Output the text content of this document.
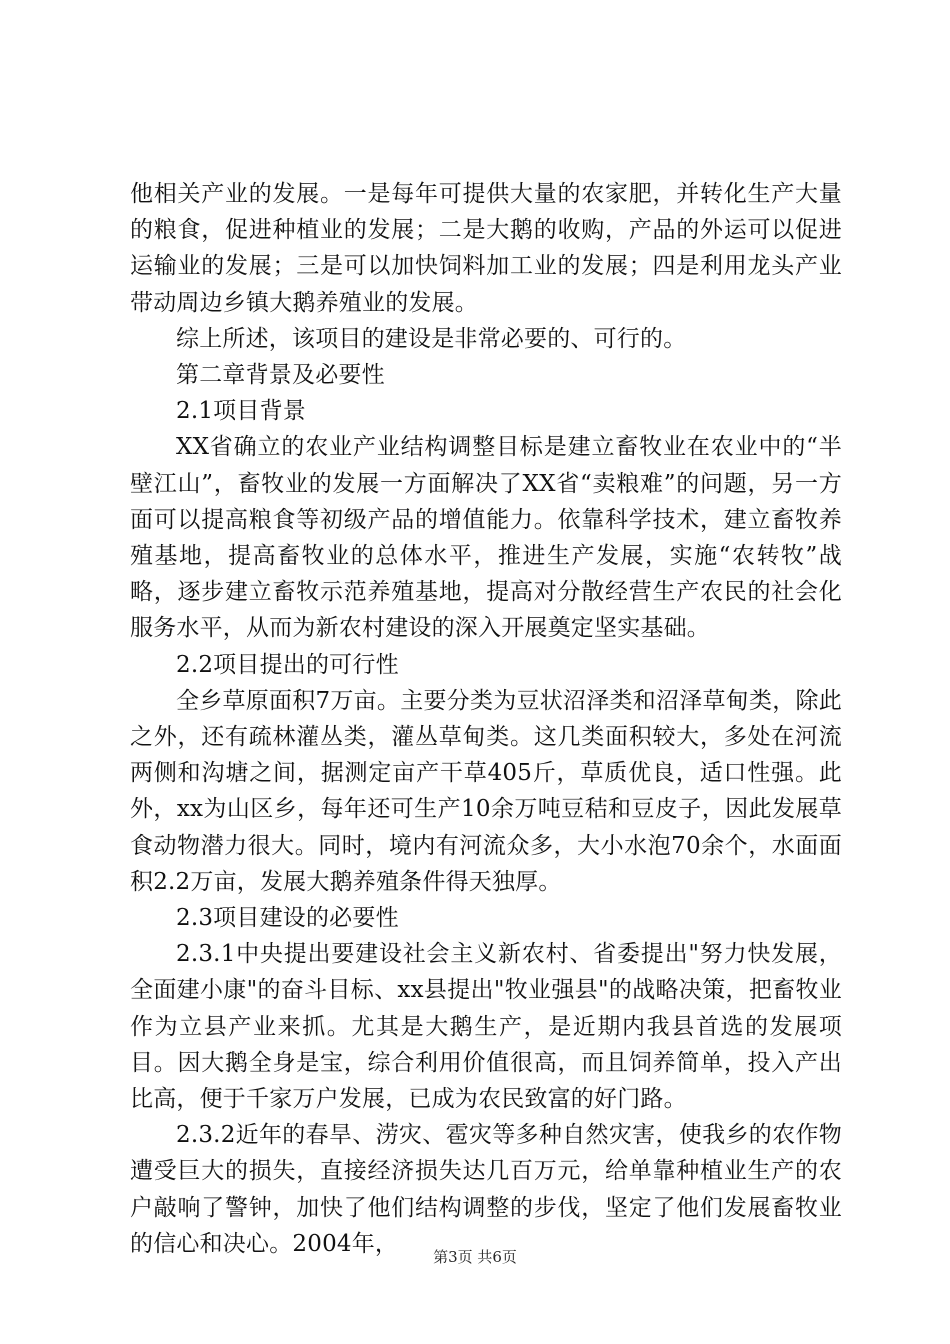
他相关产业的发展。一是每年可提供大量的农家肥，并转化生产大量的粮食，促进种植业的发展；二是大鹅的收购，产品的外运可以促进运输业的发展；三是可以加快饲料加工业的发展；四是利用龙头产业带动周边乡镇大鹅养殖业的发展。

综上所述，该项目的建设是非常必要的、可行的。

第二章背景及必要性

2.1项目背景

XX省确立的农业产业结构调整目标是建立畜牧业在农业中的“半壁江山”，畜牧业的发展一方面解决了XX省“卖粮难”的问题，另一方面可以提高粮食等初级产品的增值能力。依靠科学技术，建立畜牧养殖基地，提高畜牧业的总体水平，推进生产发展，实施“农转牧”战略，逐步建立畜牧示范养殖基地，提高对分散经营生产农民的社会化服务水平，从而为新农村建设的深入开展奠定坚实基础。

2.2项目提出的可行性

全乡草原面积7万亩。主要分类为豆状沼泽类和沼泽草甸类，除此之外，还有疏林灌丛类，灌丛草甸类。这几类面积较大，多处在河流两侧和沟塘之间，据测定亩产干草405斤，草质优良，适口性强。此外，xx为山区乡，每年还可生产10余万吨豆秸和豆皮子，因此发展草食动物潜力很大。同时，境内有河流众多，大小水泡70余个，水面面积2.2万亩，发展大鹅养殖条件得天独厚。

2.3项目建设的必要性

2.3.1中央提出要建设社会主义新农村、省委提出"努力快发展，全面建小康"的奋斗目标、xx县提出"牧业强县"的战略决策，把畜牧业作为立县产业来抓。尤其是大鹅生产，是近期内我县首选的发展项目。因大鹅全身是宝，综合利用价值很高，而且饲养简单，投入产出比高，便于千家万户发展，已成为农民致富的好门路。

2.3.2近年的春旱、涝灾、雹灾等多种自然灾害，使我乡的农作物遭受巨大的损失，直接经济损失达几百万元，给单靠种植业生产的农户敲响了警钟，加快了他们结构调整的步伐，坚定了他们发展畜牧业的信心和决心。2004年，

第3页 共6页
